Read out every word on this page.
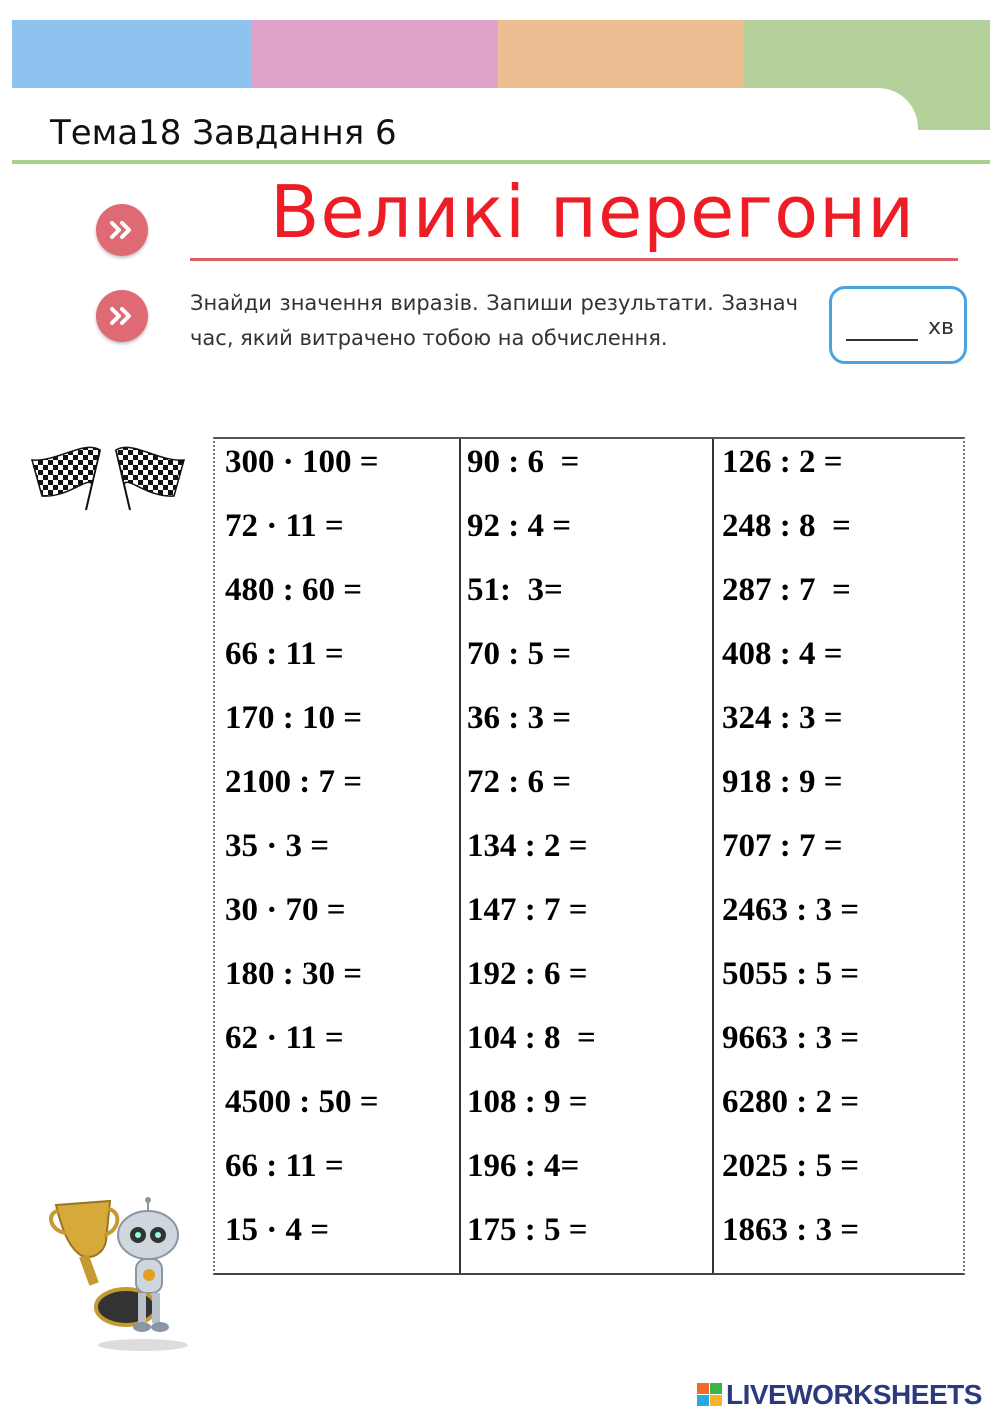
Тема18 Завдання 6
Великі перегони
Знайди значення виразів. Запиши результати. Зазнач час, який витрачено тобою на обчислення.	хв
300 · 100 =
72 · 11 =
480 : 60 =
66 : 11 =
170 : 10 =
2100 : 7 =
35 · 3 =
30 · 70 =
180 : 30 =
62 · 11 =
4500 : 50 =
66 : 11 =
15 · 4 =
90 : 6  =
92 : 4 =
51:  3=
70 : 5 =
36 : 3 =
72 : 6 =
134 : 2 =
147 : 7 =
192 : 6 =
104 : 8  =
108 : 9 =
196 : 4=
175 : 5 =
126 : 2 =
248 : 8  =
287 : 7  =
408 : 4 =
324 : 3 =
918 : 9 =
707 : 7 =
2463 : 3 =
5055 : 5 =
9663 : 3 =
6280 : 2 =
2025 : 5 =
1863 : 3 =
LIVEWORKSHEETS
